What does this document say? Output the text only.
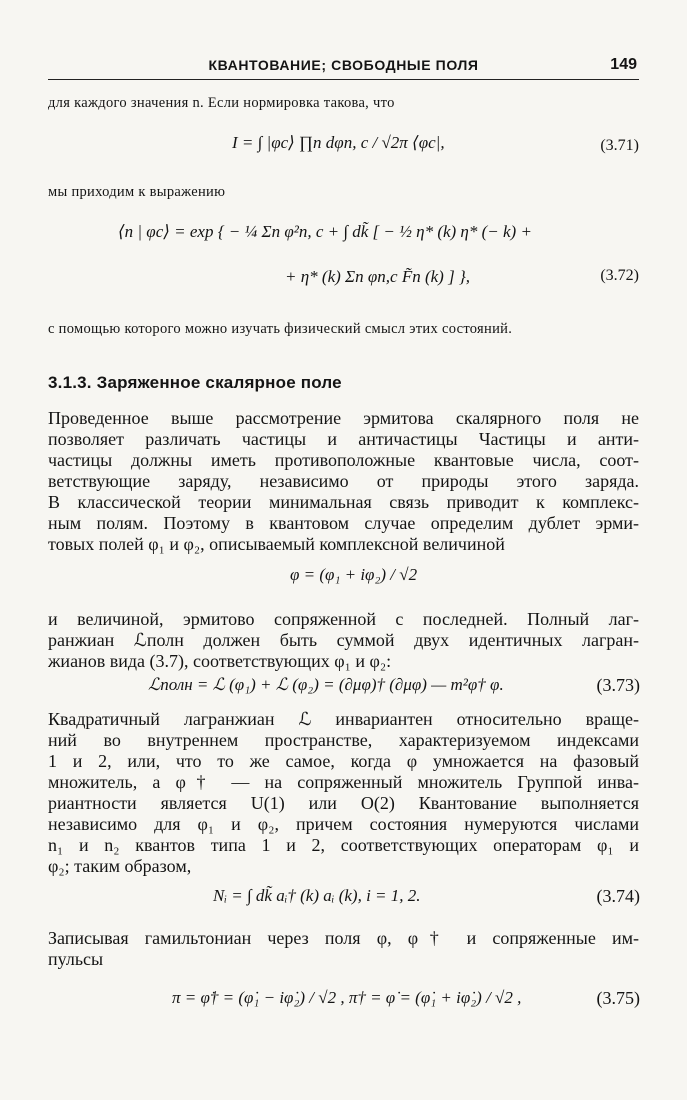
КВАНТОВАНИЕ; СВОБОДНЫЕ ПОЛЯ	149
для каждого значения n. Если нормировка такова, что
I = ∫ |φc⟩ ∏n dφn, c / √2π ⟨φc|,	(3.71)
мы приходим к выражению
⟨n | φc⟩ = exp { − ¼ Σn φ²n, c + ∫ dk̃ [ − ½ η* (k) η* (− k) +
+ η* (k) Σn φn,c F̃n (k) ] },	(3.72)
с помощью которого можно изучать физический смысл этих состояний.
3.1.3. Заряженное скалярное поле
Проведенное выше рассмотрение эрмитова скалярного поля не
позволяет различать частицы и античастицы Частицы и анти-
частицы должны иметь противоположные квантовые числа, соот-
ветствующие заряду, независимо от природы этого заряда.
В классической теории минимальная связь приводит к комплекс-
ным полям. Поэтому в квантовом случае определим дублет эрми-
товых полей φ₁ и φ₂, описываемый комплексной величиной
φ = (φ₁ + iφ₂) / √2
и величиной, эрмитово сопряженной с последней. Полный лаг-
ранжиан ℒполн должен быть суммой двух идентичных лагран-
жианов вида (3.7), соответствующих φ₁ и φ₂:
ℒполн = ℒ (φ₁) + ℒ (φ₂) = (∂μφ)† (∂μφ) — m²φ† φ.	(3.73)
Квадратичный лагранжиан ℒ инвариантен относительно враще-
ний во внутреннем пространстве, характеризуемом индексами
1 и 2, или, что то же самое, когда φ умножается на фазовый
множитель, а φ† — на сопряженный множитель Группой инва-
риантности является U(1) или O(2) Квантование выполняется
независимо для φ₁ и φ₂, причем состояния нумеруются числами
n₁ и n₂ квантов типа 1 и 2, соответствующих операторам φ₁ и
φ₂; таким образом,
Nᵢ = ∫ dk̃ aᵢ† (k) aᵢ (k), i = 1, 2.	(3.74)
Записывая гамильтониан через поля φ, φ† и сопряженные им-
пульсы
π = φ̇† = (φ̇₁ − iφ̇₂) / √2 , π† = φ̇ = (φ̇₁ + iφ̇₂) / √2 ,	(3.75)
